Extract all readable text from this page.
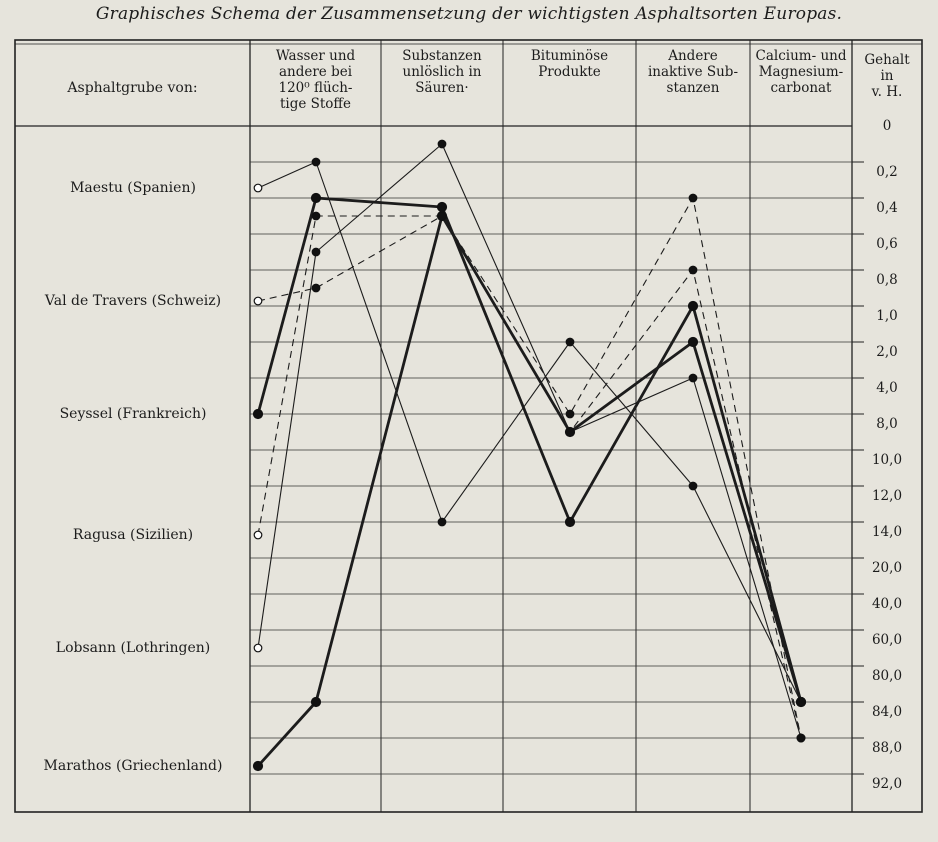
Graphisches Schema der Zusammensetzung der wichtigsten Asphaltsorten Europas.
Asphaltgrube von:
Wasser und
andere bei
120⁰ flüch-
tige Stoffe
Substanzen
unlöslich in
Säuren·
Bituminöse
Produkte
Andere
inaktive Sub-
stanzen
Calcium- und
Magnesium-
carbonat
Gehalt
in
v. H.
0
0,2
0,4
0,6
0,8
1,0
2,0
4,0
8,0
10,0
12,0
14,0
20,0
40,0
60,0
80,0
84,0
88,0
92,0
Maestu (Spanien)
Val de Travers (Schweiz)
Seyssel (Frankreich)
Ragusa (Sizilien)
Lobsann (Lothringen)
Marathos (Griechenland)
